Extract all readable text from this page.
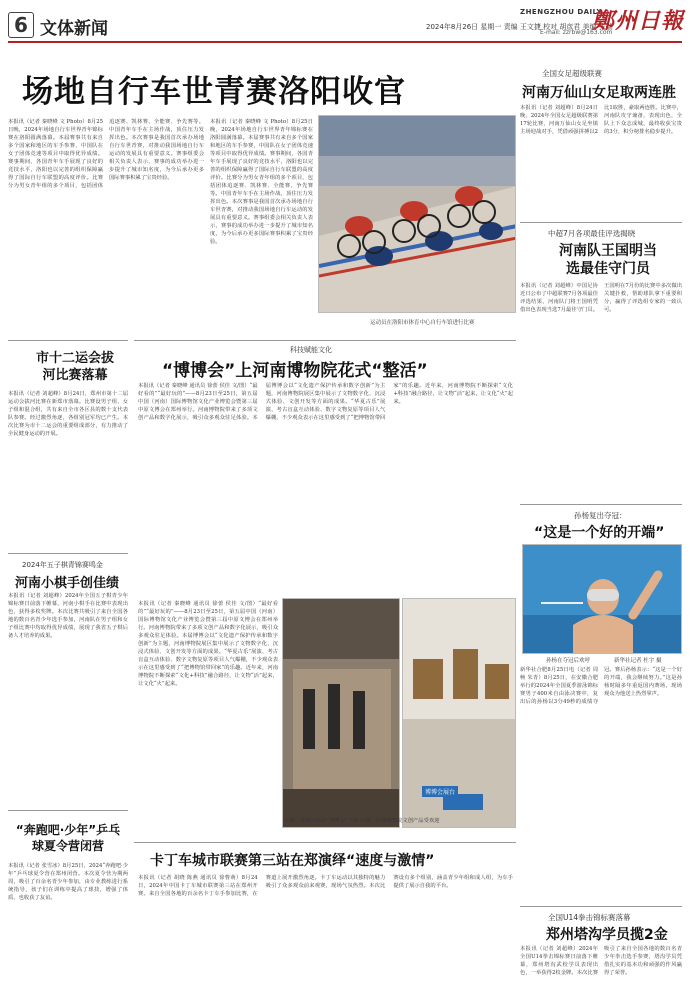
6 文体新闻
ZHENGZHOU DAILY
2024年8月26日 星期一 责编 王文捷 校对 胡彦君 美编 张瑞
鄭州日報
E-mail: zzrbw@163.com
场地自行车世青赛洛阳收官
本报讯（记者 秦晓峰 文 Photo）8月25日晚，2024年场地自行车世界青年锦标赛在洛阳圆满落幕。本届赛事共有来自多个国家和地区的车手参赛，中国队在女子团体竞速等项目中取得优异成绩。赛事期间，各国青年车手展现了良好的竞技水平，洛阳也以完善的组织保障赢得了国际自行车联盟的高度评价。比赛分为男女青年组的多个项目，包括团体追逐赛、凯林赛、全能赛、争先赛等。中国青年车手在主场作战，顶住压力发挥出色。本次赛事是我国首次承办场地自行车世青赛，对推动我国场地自行车运动的发展具有重要意义。赛事组委会相关负责人表示，赛事的成功举办进一步提升了城市知名度，为今后承办更多国际赛事积累了宝贵经验。
本报讯（记者 秦晓峰 文 Photo）8月25日晚，2024年场地自行车世界青年锦标赛在洛阳圆满落幕。本届赛事共有来自多个国家和地区的车手参赛，中国队在女子团体竞速等项目中取得优异成绩。赛事期间，各国青年车手展现了良好的竞技水平，洛阳也以完善的组织保障赢得了国际自行车联盟的高度评价。比赛分为男女青年组的多个项目，包括团体追逐赛、凯林赛、全能赛、争先赛等。中国青年车手在主场作战，顶住压力发挥出色。本次赛事是我国首次承办场地自行车世青赛，对推动我国场地自行车运动的发展具有重要意义。赛事组委会相关负责人表示，赛事的成功举办进一步提升了城市知名度，为今后承办更多国际赛事积累了宝贵经验。
运动员在洛阳市体育中心自行车馆进行比赛
市十二运会拔河比赛落幕
本报讯（记者 刘超峰）8月24日，郑州市第十二届运动会拔河比赛在新郑市落幕。比赛设男子组、女子组和混合组，共有来自全市各区县的数十支代表队参赛。经过激烈角逐，各组别冠军均已产生。本次比赛为市十二运会的重要组成部分，有力推动了全民健身运动的开展。
2024年五子棋青锦赛鸣金
河南小棋手创佳绩
本报讯（记者 刘超峰）2024年全国五子棋青少年锦标赛日前落下帷幕，河南小棋手在比赛中表现出色，获得多枚奖牌。本次比赛共吸引了来自全国各地的数百名青少年选手参加，河南队在男子组和女子组比赛中均取得优异成绩，展现了我省五子棋后备人才培养的成果。
“奔跑吧·少年”乒乓球夏令营闭营
本报讯（记者 张雪冰）8月25日，2024“奔跑吧·少年”乒乓球夏令营在郑州闭营。本次夏令营为期两周，吸引了百余名青少年参加，由专业教练进行系统指导，孩子们在训练中提高了球技，增强了体质，也收获了友谊。
科技赋能文化
“博博会”上河南博物院花式“整活”
本报讯（记者 秦晓峰 通讯员 徐蕾 侯佳 文/图）“最好看的”“最好玩的”——8月23日至25日，第五届中国（河南）国际博物馆文化产业博览会暨第三届中原文博会在郑州举行。河南博物院带来了多项文创产品和数字化展示，吸引众多观众驻足体验。本届博博会以“文化遗产保护传承和数字创新”为主题，河南博物院展区集中展示了文物数字化、沉浸式体验、文创开发等方面的成果。“华夏古乐”展演、考古盲盒互动体验、数字文物复原等项目人气爆棚，不少观众表示在这里感受到了“把博物馆带回家”的乐趣。近年来，河南博物院不断探索“文化+科技”融合路径，让文物“活”起来，让文化“火”起来。
本报讯（记者 秦晓峰 通讯员 徐蕾 侯佳 文/图）“最好看的”“最好玩的”——8月23日至25日，第五届中国（河南）国际博物馆文化产业博览会暨第三届中原文博会在郑州举行。河南博物院带来了多项文创产品和数字化展示，吸引众多观众驻足体验。本届博博会以“文化遗产保护传承和数字创新”为主题，河南博物院展区集中展示了文物数字化、沉浸式体验、文创开发等方面的成果。“华夏古乐”展演、考古盲盒互动体验、数字文物复原等项目人气爆棚，不少观众表示在这里感受到了“把博物馆带回家”的乐趣。近年来，河南博物院不断探索“文化+科技”融合路径，让文物“活”起来，让文化“火”起来。
博博会展台
左图：华夏古乐在“博博会”上演 右图：河南博物院文创产品受欢迎
卡丁车城市联赛第三站在郑演绎“速度与激情”
本报讯（记者 胡晓 陈燕 通讯员 徐曹萌）8月24日，2024年中国卡丁车城市联赛第三站在郑州开赛。来自全国各地的百余名卡丁车手参加比赛，在赛道上展开激烈角逐。卡丁车运动以其独特的魅力吸引了众多观众前来观赛，现场气氛热烈。本次比赛设有多个组别，涵盖青少年组和成人组，为车手提供了展示自我的平台。
全国女足超级联赛
河南万仙山女足取两连胜
本报讯（记者 刘超峰）8月24日晚，2024年全国女足超级联赛第17轮比赛，河南万仙山女足坐镇主场迎战对手，凭借顽强拼搏以2比1取胜，豪取两连胜。比赛中，河南队攻守兼备，表现出色，全队上下众志成城，最终收获宝贵的3分，积分榜排名稳步提升。
中超7月各项最佳评选揭晓
河南队王国明当选最佳守门员
本报讯（记者 刘超峰）中国足协近日公布了中超联赛7月各项最佳评选结果，河南队门将王国明凭借出色表现当选7月最佳守门员。王国明在7月份的比赛中多次做出关键扑救，帮助球队拿下重要积分，赢得了评选组专家的一致认可。
孙杨复出夺冠：
“这是一个好的开端”
孙杨在夺冠后欢呼	新华社记者 杜宇 摄
新华社合肥8月25日电（记者 周畅 朱青）8月25日，在安徽合肥举行的2024年全国夏季游泳锦标赛男子400米自由泳决赛中，复出后的孙杨以3分49秒的成绩夺冠。赛后孙杨表示：“这是一个好的开端，我会继续努力。”这是孙杨时隔多年重返国内赛场，现场观众为他送上热烈掌声。
全国U14拳击锦标赛落幕
郑州塔沟学员揽2金
本报讯（记者 刘超峰）2024年全国U14拳击锦标赛日前落下帷幕，郑州塔沟武校学员表现出色，一举获得2枚金牌。本次比赛吸引了来自全国各地的数百名青少年拳击选手参赛，塔沟学员凭借扎实的基本功和顽强的作风赢得了荣誉。
